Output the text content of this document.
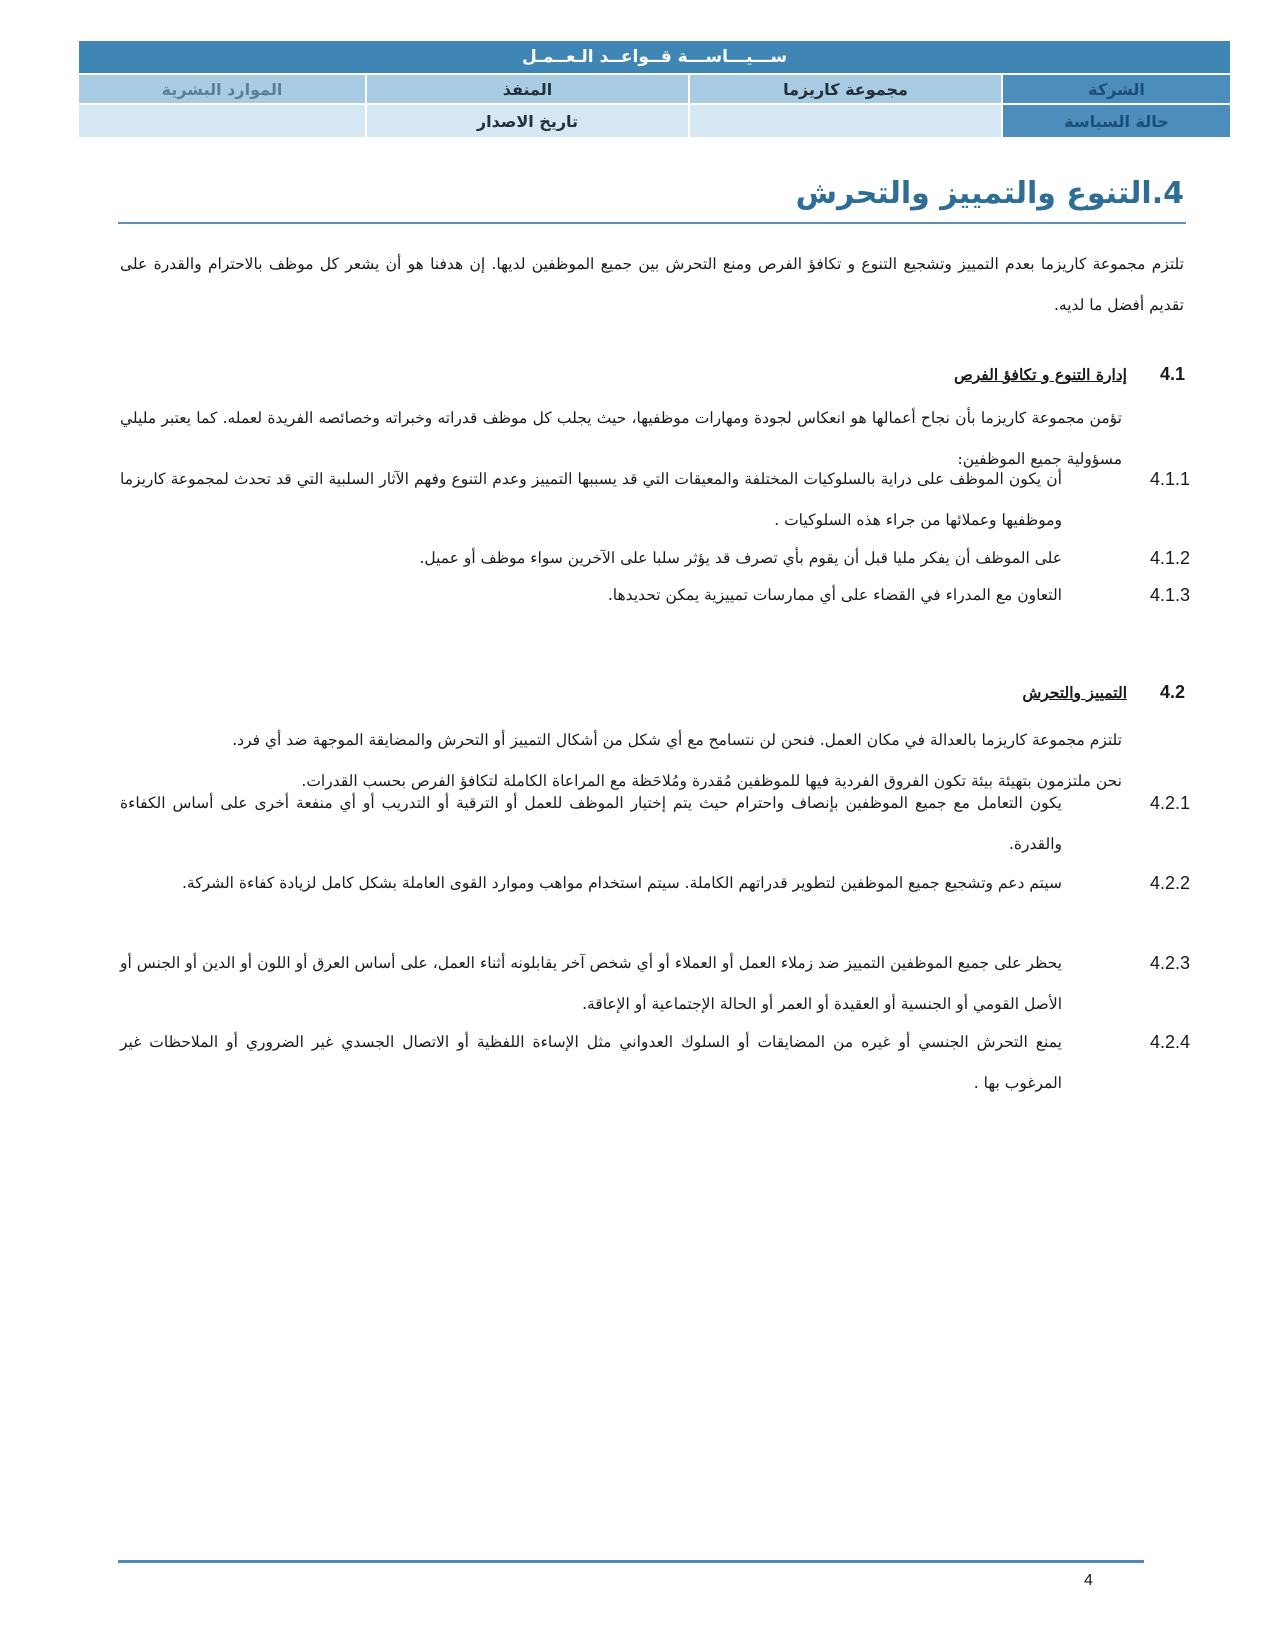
ســـيـــاســـة قــواعــد الـعــمـل			
الشركة	مجموعة كاريزما	المنفذ	الموارد البشرية
حالة السياسة		تاريخ الاصدار	
4.التنوع والتمييز والتحرش

تلتزم مجموعة كاريزما بعدم التمييز وتشجيع التنوع و تكافؤ الفرص ومنع التحرش بين جميع الموظفين لديها. إن هدفنا هو أن يشعر كل موظف بالاحترام والقدرة على تقديم أفضل ما لديه.

4.1إدارة التنوع و تكافؤ الفرص

تؤمن مجموعة كاريزما بأن نجاح أعمالها هو انعكاس لجودة ومهارات موظفيها، حيث يجلب كل موظف قدراته وخبراته وخصائصه الفريدة لعمله. كما يعتبر مليلي مسؤولية جميع الموظفين:

4.1.1

أن يكون الموظف على دراية بالسلوكيات المختلفة والمعيقات التي قد يسببها التمييز وعدم التنوع وفهم الآثار السلبية التي قد تحدث لمجموعة كاريزما وموظفيها وعملائها من جراء هذه السلوكيات .

4.1.2

على الموظف أن يفكر مليا قبل أن يقوم بأي تصرف قد يؤثر سلبا على الآخرين سواء موظف أو عميل.

4.1.3

التعاون مع المدراء في القضاء على أي ممارسات تمييزية يمكن تحديدها.

4.2التمييز والتحرش

تلتزم مجموعة كاريزما بالعدالة في مكان العمل. فنحن لن نتسامح مع أي شكل من أشكال التمييز أو التحرش والمضايقة الموجهة ضد أي فرد.

نحن ملتزمون بتهيئة بيئة تكون الفروق الفردية فيها للموظفين مُقدرة ومُلاحَظة مع المراعاة الكاملة لتكافؤ الفرص بحسب القدرات.

4.2.1

يكون التعامل مع جميع الموظفين بإنصاف واحترام حيث يتم إختيار الموظف للعمل أو الترقية أو التدريب أو أي منفعة أخرى على أساس الكفاءة والقدرة.

4.2.2

سيتم دعم وتشجيع جميع الموظفين لتطوير قدراتهم الكاملة. سيتم استخدام مواهب وموارد القوى العاملة بشكل كامل لزيادة كفاءة الشركة.

4.2.3

يحظر على جميع الموظفين التمييز ضد زملاء العمل أو العملاء أو أي شخص آخر يقابلونه أثناء العمل، على أساس العرق أو اللون أو الدين أو الجنس أو الأصل القومي أو الجنسية أو العقيدة أو العمر أو الحالة الإجتماعية أو الإعاقة.

4.2.4

يمنع التحرش الجنسي أو غيره من المضايقات أو السلوك العدواني مثل الإساءة اللفظية أو الاتصال الجسدي غير الضروري أو الملاحظات غير المرغوب بها .

4
